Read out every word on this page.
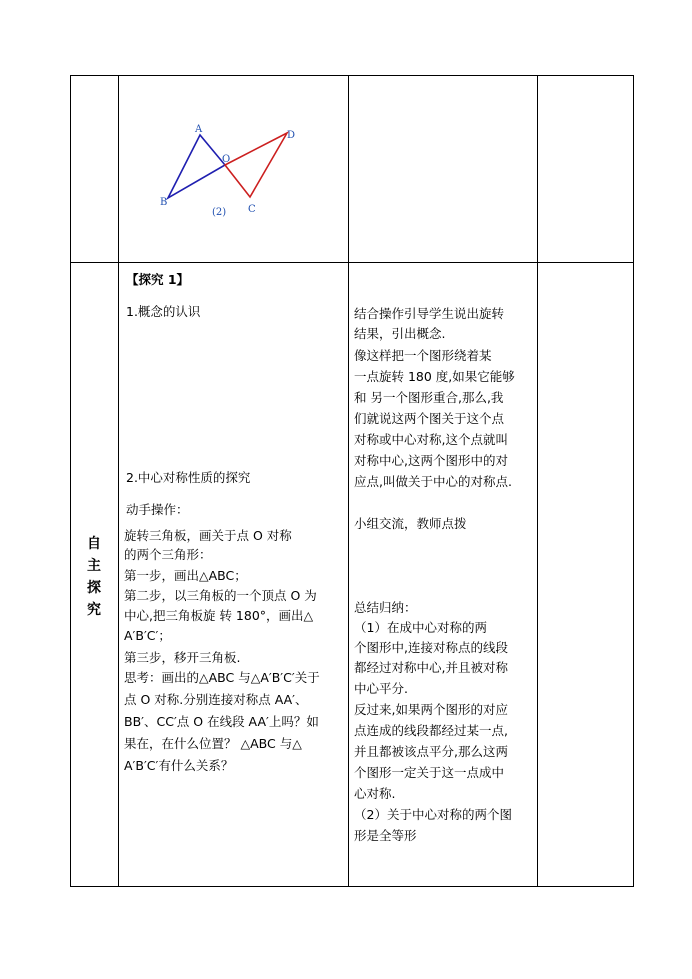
A
B
O
D
C
(2)
自
主
探
究
【探究 1】
1.概念的认识
2.中心对称性质的探究
动手操作：
旋转三角板，画关于点 O 对称
的两个三角形：
第一步，画出△ABC；
第二步，以三角板的一个顶点 O 为
中心,把三角板旋 转 180°，画出△
A′B′C′；
第三步，移开三角板.
思考：画出的△ABC 与△A′B′C′关于
点 O 对称.分别连接对称点 AA′、
BB′、CC′点 O 在线段 AA′上吗？如
果在，在什么位置？ △ABC 与△
A′B′C′有什么关系？
结合操作引导学生说出旋转
结果，引出概念.
像这样把一个图形绕着某
一点旋转 180 度,如果它能够
和 另一个图形重合,那么,我
们就说这两个图关于这个点
对称或中心对称,这个点就叫
对称中心,这两个图形中的对
应点,叫做关于中心的对称点.
小组交流，教师点拨
总结归纳：
（1）在成中心对称的两
个图形中,连接对称点的线段
都经过对称中心,并且被对称
中心平分.
反过来,如果两个图形的对应
点连成的线段都经过某一点,
并且都被该点平分,那么这两
个图形一定关于这一点成中
心对称.
（2）关于中心对称的两个图
形是全等形
